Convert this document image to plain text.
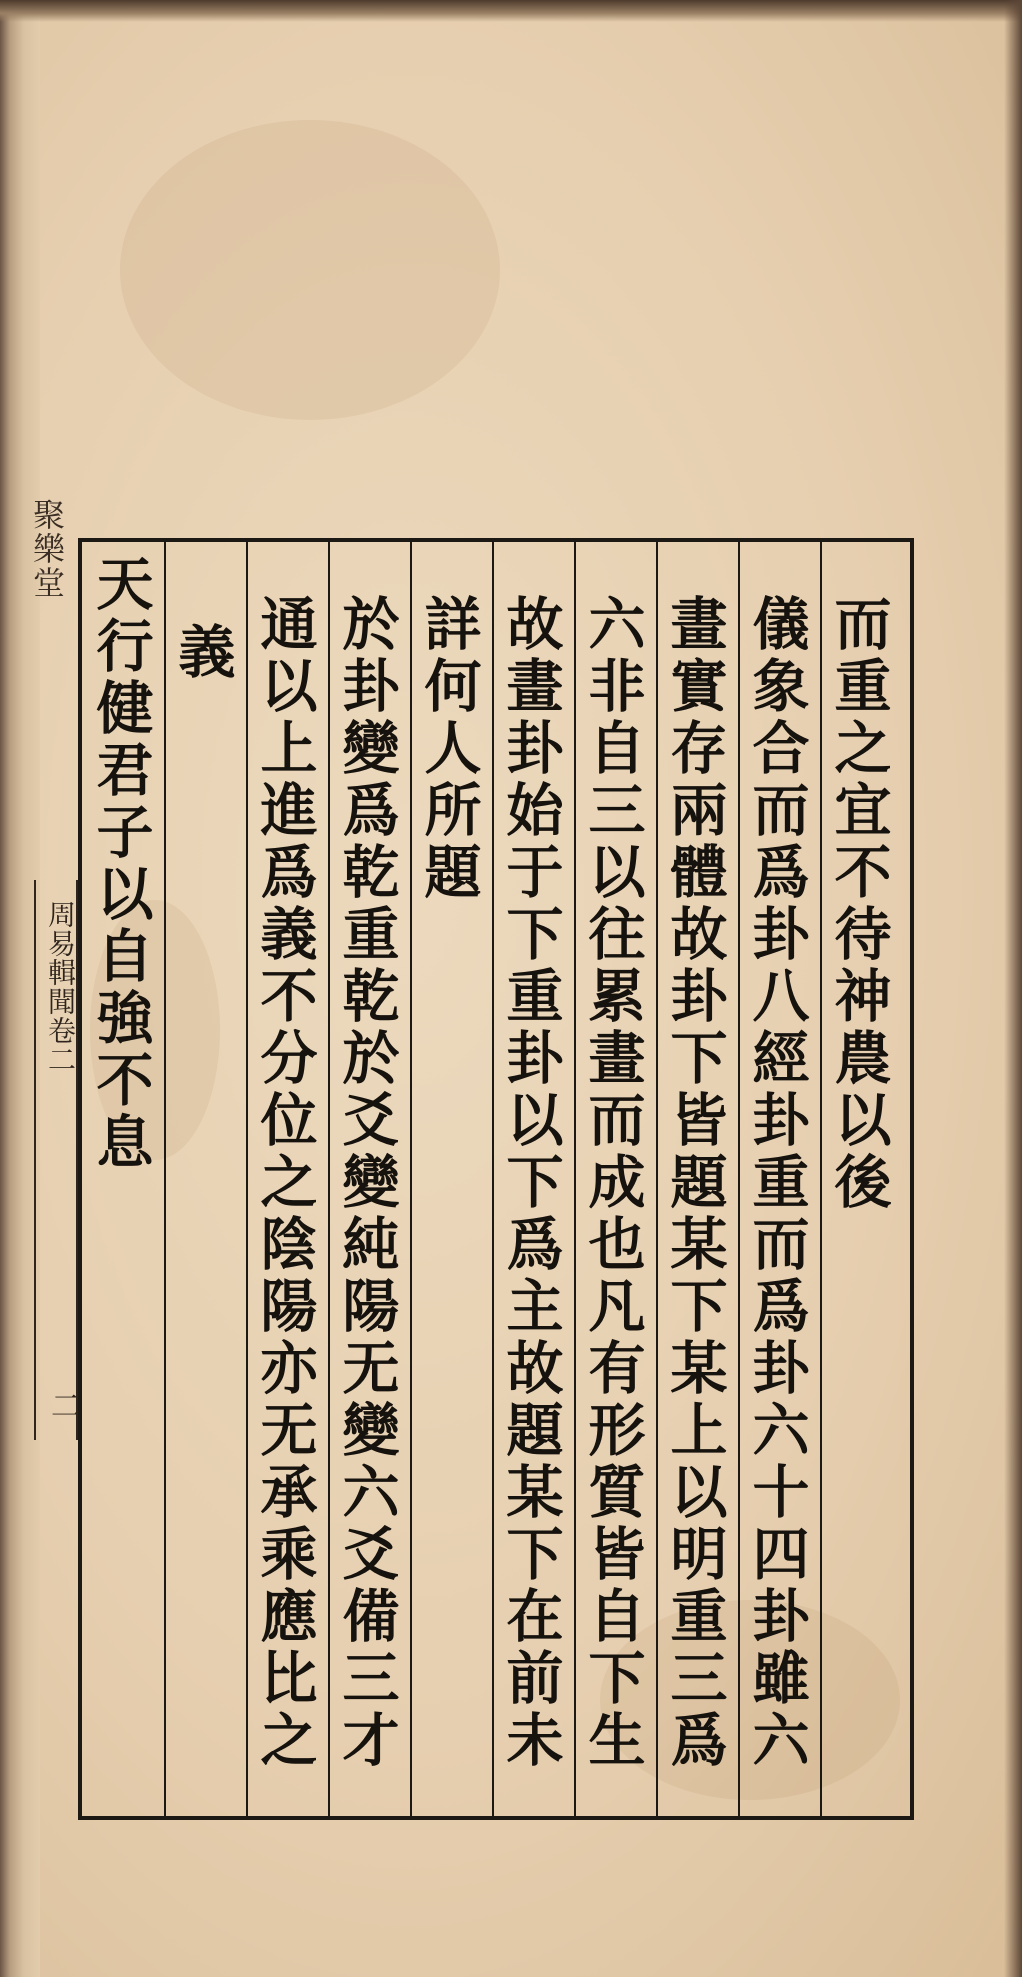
聚樂堂
周易輯聞卷二
二
而重之宜不待神農以後
儀象合而爲卦八經卦重而爲卦六十四卦雖六
畫實存兩體故卦下皆題某下某上以明重三爲
六非自三以往累畫而成也凡有形質皆自下生
故畫卦始于下重卦以下爲主故題某下在前未
詳何人所題
於卦變爲乾重乾於爻變純陽无變六爻備三才
通以上進爲義不分位之陰陽亦无承乘應比之
義
天行健君子以自強不息
